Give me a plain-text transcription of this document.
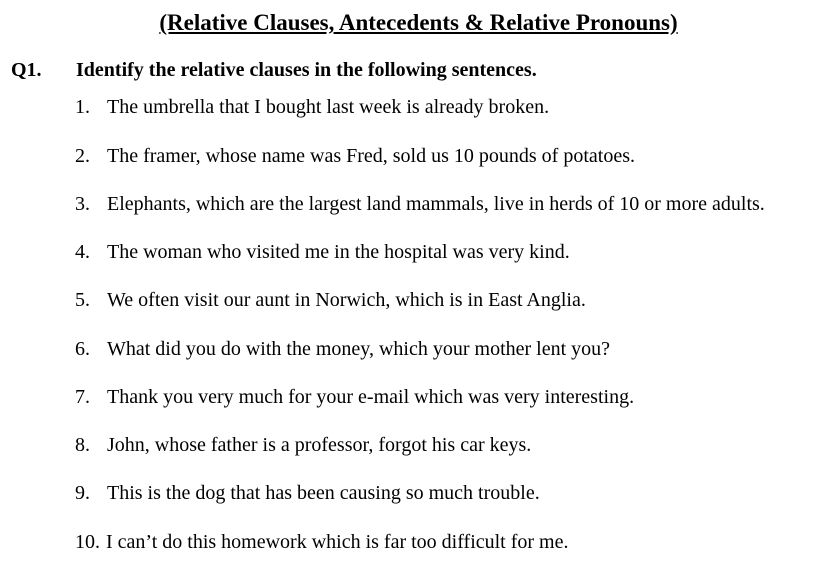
(Relative Clauses, Antecedents & Relative Pronouns)
Q1. Identify the relative clauses in the following sentences.
1. The umbrella that I bought last week is already broken.
2. The framer, whose name was Fred, sold us 10 pounds of potatoes.
3. Elephants, which are the largest land mammals, live in herds of 10 or more adults.
4. The woman who visited me in the hospital was very kind.
5. We often visit our aunt in Norwich, which is in East Anglia.
6. What did you do with the money, which your mother lent you?
7. Thank you very much for your e-mail which was very interesting.
8. John, whose father is a professor, forgot his car keys.
9. This is the dog that has been causing so much trouble.
10. I can’t do this homework which is far too difficult for me.
